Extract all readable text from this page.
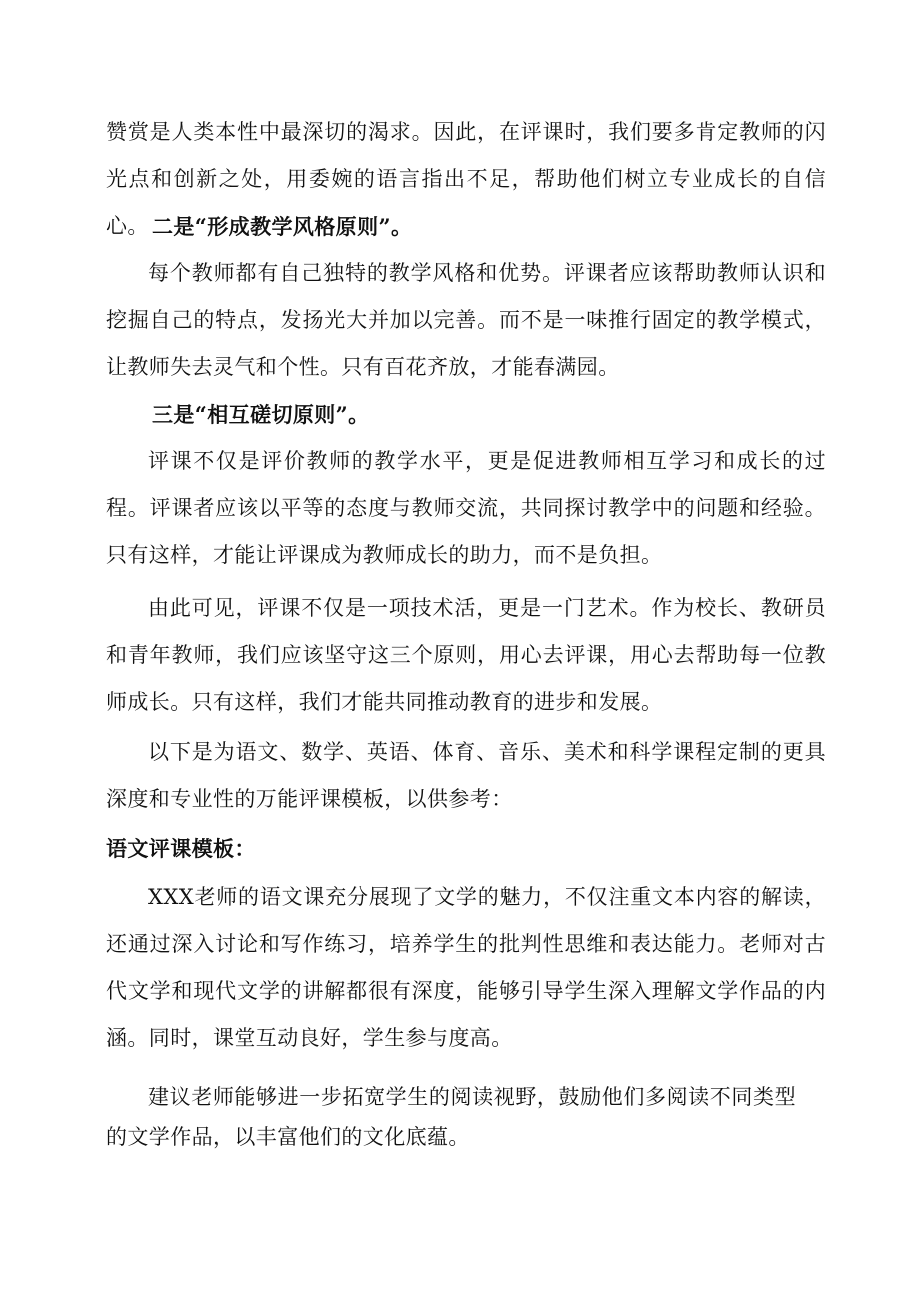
赞赏是人类本性中最深切的渴求。因此，在评课时，我们要多肯定教师的闪光点和创新之处，用委婉的语言指出不足，帮助他们树立专业成长的自信心。 二是“形成教学风格原则”。

每个教师都有自己独特的教学风格和优势。评课者应该帮助教师认识和挖掘自己的特点，发扬光大并加以完善。而不是一味推行固定的教学模式，让教师失去灵气和个性。只有百花齐放，才能春满园。

三是“相互磋切原则”。

评课不仅是评价教师的教学水平，更是促进教师相互学习和成长的过程。评课者应该以平等的态度与教师交流，共同探讨教学中的问题和经验。只有这样，才能让评课成为教师成长的助力，而不是负担。

由此可见，评课不仅是一项技术活，更是一门艺术。作为校长、教研员和青年教师，我们应该坚守这三个原则，用心去评课，用心去帮助每一位教师成长。只有这样，我们才能共同推动教育的进步和发展。

以下是为语文、数学、英语、体育、音乐、美术和科学课程定制的更具深度和专业性的万能评课模板，以供参考：

语文评课模板：

XXX老师的语文课充分展现了文学的魅力，不仅注重文本内容的解读，还通过深入讨论和写作练习，培养学生的批判性思维和表达能力。老师对古代文学和现代文学的讲解都很有深度，能够引导学生深入理解文学作品的内涵。同时，课堂互动良好，学生参与度高。

建议老师能够进一步拓宽学生的阅读视野，鼓励他们多阅读不同类型的文学作品，以丰富他们的文化底蕴。
